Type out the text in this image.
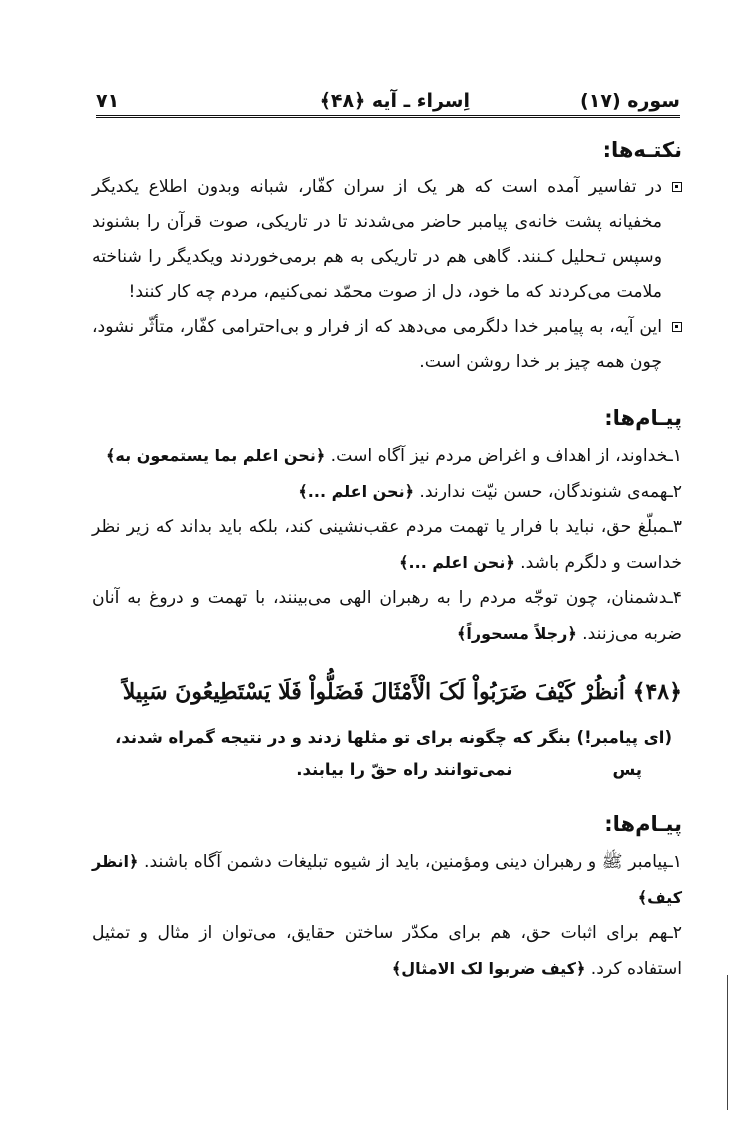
سوره (۱۷)
اِسراء ـ آیه ﴿۴۸﴾
۷۱
نکتـه‌ها:

در تفاسیر آمده است که هر یک از سران کفّار، شبانه وبدون اطلاع یکدیگر مخفیانه پشت خانه‌ی پیامبر حاضر می‌شدند تا در تاریکی، صوت قرآن را بشنوند وسپس تـحلیل کـنند. گاهی هم در تاریکی به هم برمی‌خوردند ویکدیگر را شناخته ملامت می‌کردند که ما خود، دل از صوت محمّد نمی‌کنیم، مردم چه کار کنند!

این آیه، به پیامبر خدا دلگرمی می‌دهد که از فرار و بی‌احترامی کفّار، متأثّر نشود، چون همه چیز بر خدا روشن است.

پیـام‌ها:

۱ـخداوند، از اهداف و اغراض مردم نیز آگاه است. ﴿نحن اعلم بما یستمعون به﴾

۲ـهمه‌ی شنوندگان، حسن نیّت ندارند. ﴿نحن اعلم ...﴾

۳ـمبلّغ حق، نباید با فرار یا تهمت مردم عقب‌نشینی کند، بلکه باید بداند که زیر نظر خداست و دلگرم باشد. ﴿نحن اعلم ...﴾

۴ـدشمنان، چون توجّه مردم را به رهبران الهی می‌بینند، با تهمت و دروغ به آنان ضربه می‌زنند. ﴿رجلاً مسحوراً﴾

﴿۴۸﴾ اُنظُرْ کَیْفَ ضَرَبُواْ لَکَ الْأَمْثَالَ فَضَلُّواْ فَلَا یَسْتَطِیعُونَ سَبِیلاً
(ای پیامبر!) بنگر که چگونه برای تو مثلها زدند و در نتیجه گمراه شدند،
پسنمی‌توانند راه حقّ را بیابند.
پیـام‌ها:

۱ـپیامبر ﷺ و رهبران دینی ومؤمنین، باید از شیوه تبلیغات دشمن آگاه باشند. ﴿انظر کیف﴾

۲ـهم برای اثبات حق، هم برای مکدّر ساختن حقایق، می‌توان از مثال و تمثیل استفاده کرد. ﴿کیف ضربوا لک الامثال﴾
